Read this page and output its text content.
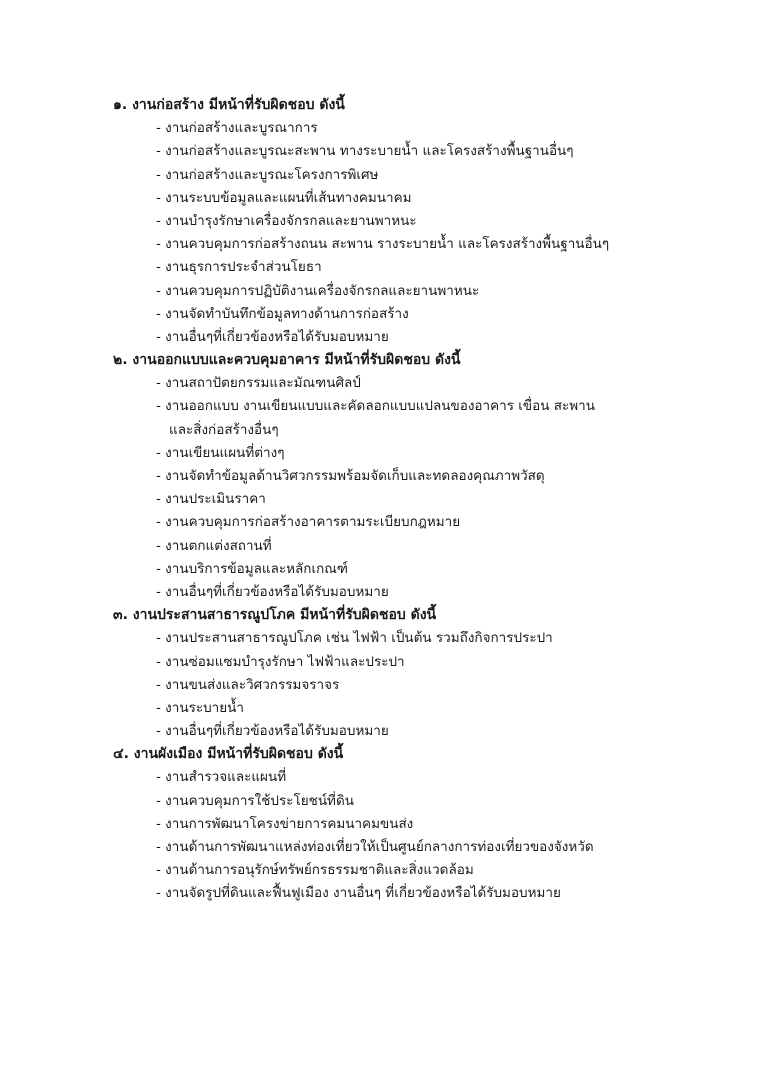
๑. งานก่อสร้าง มีหน้าที่รับผิดชอบ ดังนี้
- งานก่อสร้างและบูรณาการ
- งานก่อสร้างและบูรณะสะพาน ทางระบายน้ำ และโครงสร้างพื้นฐานอื่นๆ
- งานก่อสร้างและบูรณะโครงการพิเศษ
- งานระบบข้อมูลและแผนที่เส้นทางคมนาคม
- งานบำรุงรักษาเครื่องจักรกลและยานพาหนะ
- งานควบคุมการก่อสร้างถนน สะพาน รางระบายน้ำ และโครงสร้างพื้นฐานอื่นๆ
- งานธุรการประจำส่วนโยธา
- งานควบคุมการปฏิบัติงานเครื่องจักรกลและยานพาหนะ
- งานจัดทำบันทึกข้อมูลทางด้านการก่อสร้าง
- งานอื่นๆที่เกี่ยวข้องหรือได้รับมอบหมาย
๒. งานออกแบบและควบคุมอาคาร มีหน้าที่รับผิดชอบ ดังนี้
- งานสถาปัตยกรรมและมัณฑนศิลป์
- งานออกแบบ งานเขียนแบบและคัดลอกแบบแปลนของอาคาร เขื่อน สะพาน
และสิ่งก่อสร้างอื่นๆ
- งานเขียนแผนที่ต่างๆ
- งานจัดทำข้อมูลด้านวิศวกรรมพร้อมจัดเก็บและทดลองคุณภาพวัสดุ
- งานประเมินราคา
- งานควบคุมการก่อสร้างอาคารตามระเบียบกฎหมาย
- งานตกแต่งสถานที่
- งานบริการข้อมูลและหลักเกณฑ์
- งานอื่นๆที่เกี่ยวข้องหรือได้รับมอบหมาย
๓. งานประสานสาธารณูปโภค มีหน้าที่รับผิดชอบ ดังนี้
- งานประสานสาธารณูปโภค เช่น ไฟฟ้า เป็นต้น รวมถึงกิจการประปา
- งานซ่อมแซมบำรุงรักษา ไฟฟ้าและประปา
- งานขนส่งและวิศวกรรมจราจร
- งานระบายน้ำ
- งานอื่นๆที่เกี่ยวข้องหรือได้รับมอบหมาย
๔. งานผังเมือง มีหน้าที่รับผิดชอบ ดังนี้
- งานสำรวจและแผนที่
- งานควบคุมการใช้ประโยชน์ที่ดิน
- งานการพัฒนาโครงข่ายการคมนาคมขนส่ง
- งานด้านการพัฒนาแหล่งท่องเที่ยวให้เป็นศูนย์กลางการท่องเที่ยวของจังหวัด
- งานด้านการอนุรักษ์ทรัพย์กรธรรมชาติและสิ่งแวดล้อม
- งานจัดรูปที่ดินและฟื้นฟูเมือง งานอื่นๆ ที่เกี่ยวข้องหรือได้รับมอบหมาย
